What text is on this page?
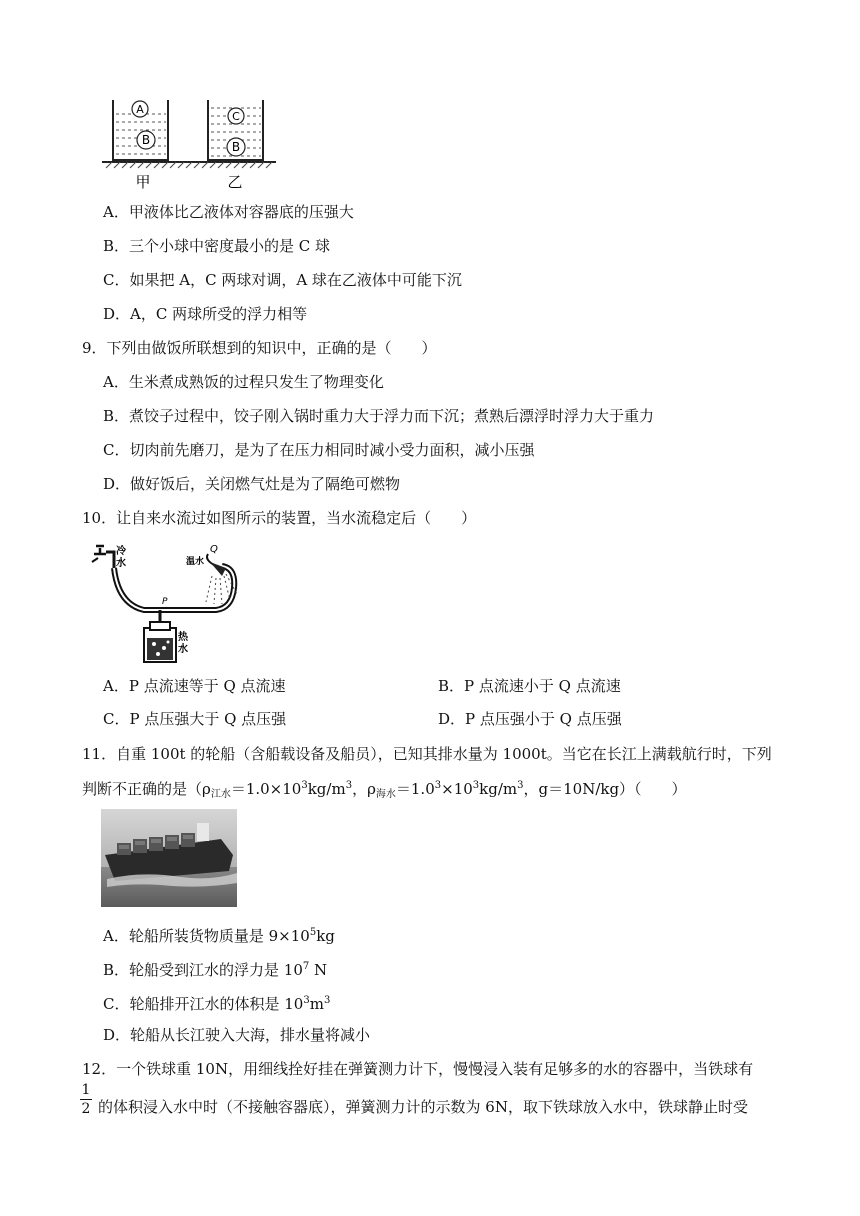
A
B
C
B
甲	乙
A．甲液体比乙液体对容器底的压强大
B．三个小球中密度最小的是 C 球
C．如果把 A，C 两球对调，A 球在乙液体中可能下沉
D．A，C 两球所受的浮力相等
9．下列由做饭所联想到的知识中，正确的是（　　）
A．生米煮成熟饭的过程只发生了物理变化
B．煮饺子过程中，饺子刚入锅时重力大于浮力而下沉；煮熟后漂浮时浮力大于重力
C．切肉前先磨刀，是为了在压力相同时减小受力面积，减小压强
D．做好饭后，关闭燃气灶是为了隔绝可燃物
10．让自来水流过如图所示的装置，当水流稳定后（　　）
冷
水	温水
Q
P
热
水
A．P 点流速等于 Q 点流速	B．P 点流速小于 Q 点流速
C．P 点压强大于 Q 点压强	D．P 点压强小于 Q 点压强
11．自重 100t 的轮船（含船载设备及船员），已知其排水量为 1000t。当它在长江上满载航行时，下列
判断不正确的是（$\rho_{江水}=1.0\times 10^3kg/m^3$，$\rho_{海水}=1.0^3\times 10^3kg/m^3$，g＝10N/kg）（　　）
A．轮船所装货物质量是 $9\times 10^5kg$
B．轮船受到江水的浮力是 $10^7$ N
C．轮船排开江水的体积是 $10^3m^3$
D．轮船从长江驶入大海，排水量将减小
12．一个铁球重 10N，用细线拴好挂在弹簧测力计下，慢慢浸入装有足够多的水的容器中，当铁球有
1
2 的体积浸入水中时（不接触容器底），弹簧测力计的示数为 6N，取下铁球放入水中，铁球静止时受
